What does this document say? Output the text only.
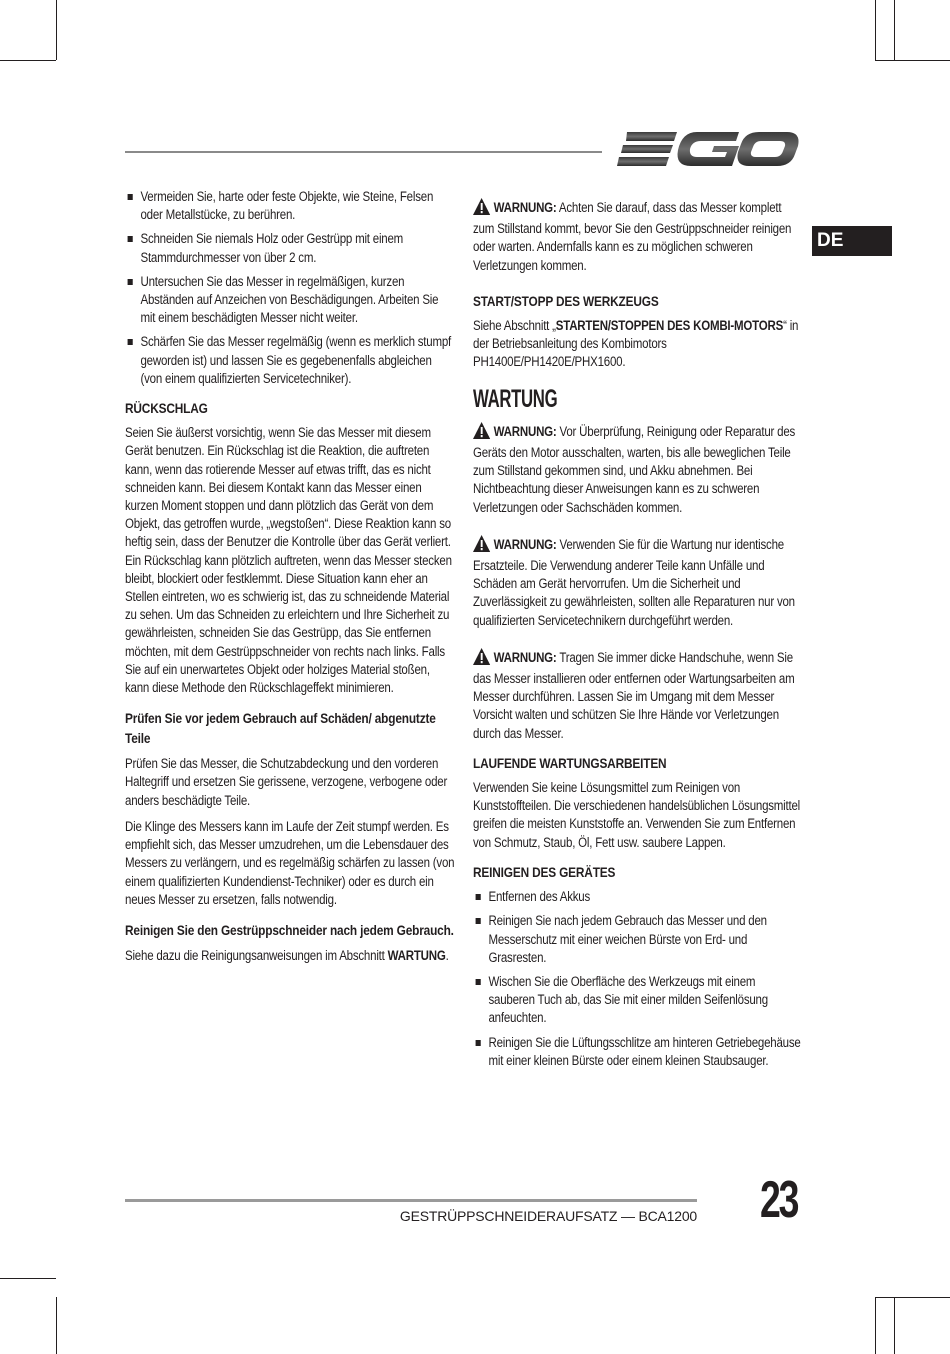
DE
Vermeiden Sie, harte oder feste Objekte, wie Steine, Felsen oder Metallstücke, zu berühren.
Schneiden Sie niemals Holz oder Gestrüpp mit einem Stammdurchmesser von über 2 cm.
Untersuchen Sie das Messer in regelmäßigen, kurzen Abständen auf Anzeichen von Beschädigungen. Arbeiten Sie mit einem beschädigten Messer nicht weiter.
Schärfen Sie das Messer regelmäßig (wenn es merklich stumpf geworden ist) und lassen Sie es gegebenenfalls abgleichen (von einem qualifizierten Servicetechniker).
RÜCKSCHLAG

Seien Sie äußerst vorsichtig, wenn Sie das Messer mit diesem Gerät benutzen. Ein Rückschlag ist die Reaktion, die auftreten kann, wenn das rotierende Messer auf etwas trifft, das es nicht schneiden kann. Bei diesem Kontakt kann das Messer einen kurzen Moment stoppen und dann plötzlich das Gerät von dem Objekt, das getroffen wurde, „wegstoßen“. Diese Reaktion kann so heftig sein, dass der Benutzer die Kontrolle über das Gerät verliert.

Ein Rückschlag kann plötzlich auftreten, wenn das Messer stecken bleibt, blockiert oder festklemmt. Diese Situation kann eher an Stellen eintreten, wo es schwierig ist, das zu schneidende Material zu sehen. Um das Schneiden zu erleichtern und Ihre Sicherheit zu gewährleisten, schneiden Sie das Gestrüpp, das Sie entfernen möchten, mit dem Gestrüppschneider von rechts nach links. Falls Sie auf ein unerwartetes Objekt oder holziges Material stoßen, kann diese Methode den Rückschlageffekt minimieren.

Prüfen Sie vor jedem Gebrauch auf Schäden/ abgenutzte Teile

Prüfen Sie das Messer, die Schutzabdeckung und den vorderen Haltegriff und ersetzen Sie gerissene, verzogene, verbogene oder anders beschädigte Teile.

Die Klinge des Messers kann im Laufe der Zeit stumpf werden. Es empfiehlt sich, das Messer umzudrehen, um die Lebensdauer des Messers zu verlängern, und es regelmäßig schärfen zu lassen (von einem qualifizierten Kundendienst-Techniker) oder es durch ein neues Messer zu ersetzen, falls notwendig.

Reinigen Sie den Gestrüppschneider nach jedem Gebrauch.

Siehe dazu die Reinigungsanweisungen im Abschnitt WARTUNG.

WARNUNG: Achten Sie darauf, dass das Messer komplett zum Stillstand kommt, bevor Sie den Gestrüppschneider reinigen oder warten. Andernfalls kann es zu möglichen schweren Verletzungen kommen.

START/STOPP DES WERKZEUGS

Siehe Abschnitt „STARTEN/STOPPEN DES KOMBI-MOTORS“ in der Betriebsanleitung des Kombimotors PH1400E/PH1420E/PHX1600.

WARTUNG

WARNUNG: Vor Überprüfung, Reinigung oder Reparatur des Geräts den Motor ausschalten, warten, bis alle beweglichen Teile zum Stillstand gekommen sind, und Akku abnehmen. Bei Nichtbeachtung dieser Anweisungen kann es zu schweren Verletzungen oder Sachschäden kommen.

WARNUNG: Verwenden Sie für die Wartung nur identische Ersatzteile. Die Verwendung anderer Teile kann Unfälle und Schäden am Gerät hervorrufen. Um die Sicherheit und Zuverlässigkeit zu gewährleisten, sollten alle Reparaturen nur von qualifizierten Servicetechnikern durchgeführt werden.

WARNUNG: Tragen Sie immer dicke Handschuhe, wenn Sie das Messer installieren oder entfernen oder Wartungsarbeiten am Messer durchführen. Lassen Sie im Umgang mit dem Messer Vorsicht walten und schützen Sie Ihre Hände vor Verletzungen durch das Messer.

LAUFENDE WARTUNGSARBEITEN

Verwenden Sie keine Lösungsmittel zum Reinigen von Kunststoffteilen. Die verschiedenen handelsüblichen Lösungsmittel greifen die meisten Kunststoffe an. Verwenden Sie zum Entfernen von Schmutz, Staub, Öl, Fett usw. saubere Lappen.

REINIGEN DES GERÄTES
Entfernen des Akkus
Reinigen Sie nach jedem Gebrauch das Messer und den Messerschutz mit einer weichen Bürste von Erd- und Grasresten.
Wischen Sie die Oberfläche des Werkzeugs mit einem sauberen Tuch ab, das Sie mit einer milden Seifenlösung anfeuchten.
Reinigen Sie die Lüftungsschlitze am hinteren Getriebegehäuse mit einer kleinen Bürste oder einem kleinen Staubsauger.
GESTRÜPPSCHNEIDERAUFSATZ — BCA1200 23
